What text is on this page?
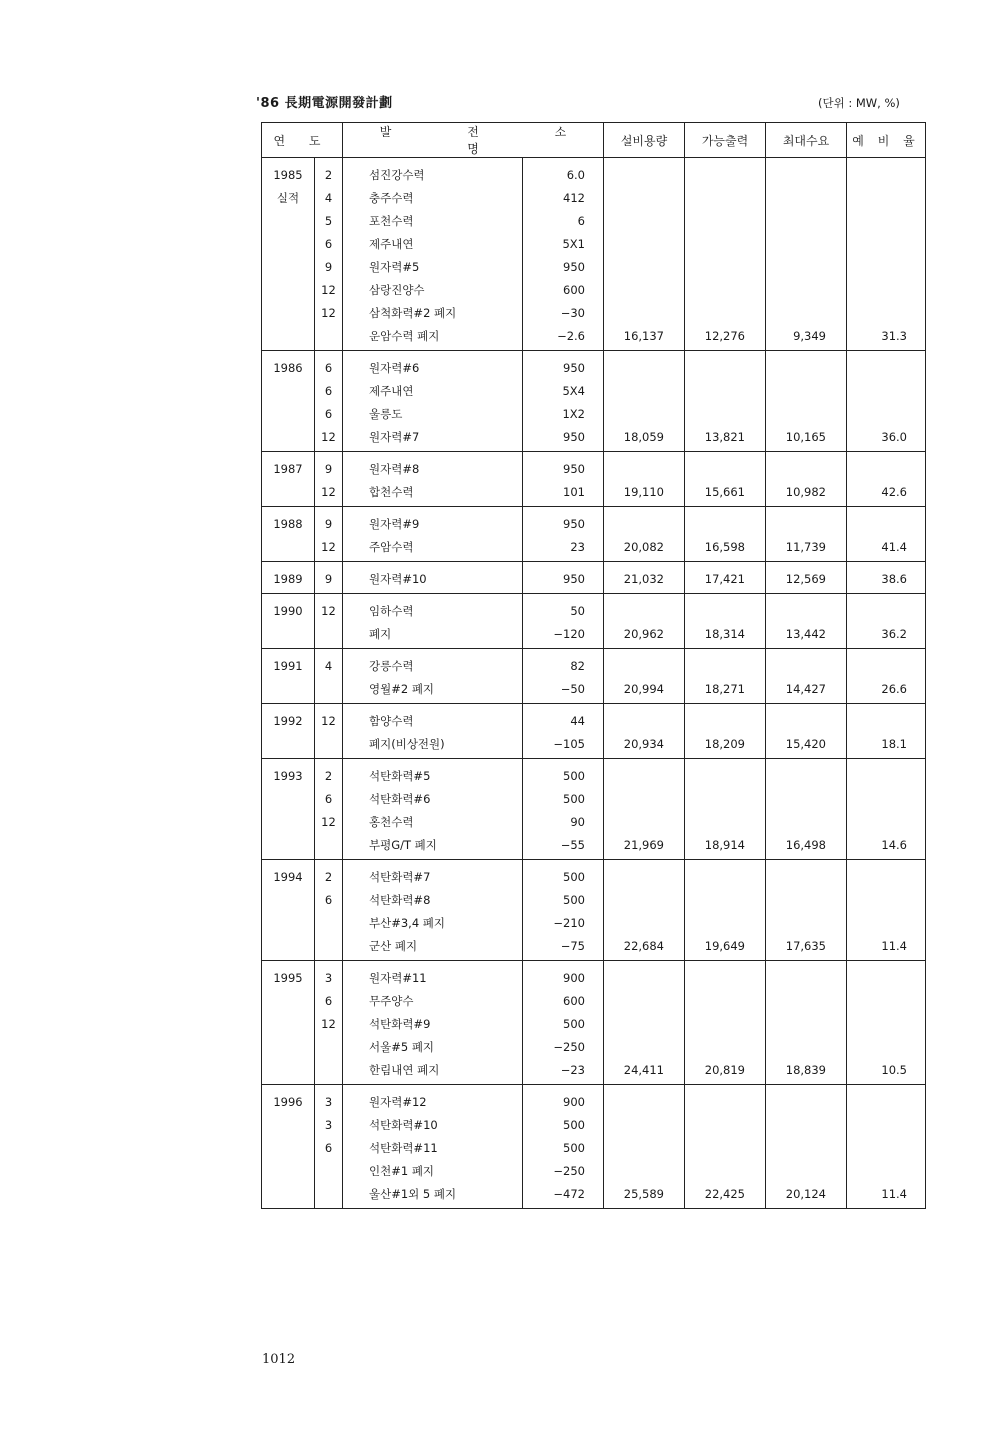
'86 長期電源開發計劃	(단위 : MW, %)
연 도		발 전 소 명		설비용량	가능출력	최대수요	예 비 율
1985	2	섬진강수력	6.0				
실적	4	충주수력	412				
	5	포천수력	6				
	6	제주내연	5X1				
	9	원자력#5	950				
	12	삼랑진양수	600				
	12	삼척화력#2 폐지	−30				
		운암수력 폐지	−2.6	16,137	12,276	9,349	31.3
1986	6	원자력#6	950				
	6	제주내연	5X4				
	6	울릉도	1X2				
	12	원자력#7	950	18,059	13,821	10,165	36.0
1987	9	원자력#8	950				
	12	합천수력	101	19,110	15,661	10,982	42.6
1988	9	원자력#9	950				
	12	주암수력	23	20,082	16,598	11,739	41.4
1989	9	원자력#10	950	21,032	17,421	12,569	38.6
1990	12	임하수력	50				
		폐지	−120	20,962	18,314	13,442	36.2
1991	4	강릉수력	82				
		영월#2 폐지	−50	20,994	18,271	14,427	26.6
1992	12	함양수력	44				
		폐지(비상전원)	−105	20,934	18,209	15,420	18.1
1993	2	석탄화력#5	500				
	6	석탄화력#6	500				
	12	홍천수력	90				
		부평G/T 폐지	−55	21,969	18,914	16,498	14.6
1994	2	석탄화력#7	500				
	6	석탄화력#8	500				
		부산#3,4 폐지	−210				
		군산 폐지	−75	22,684	19,649	17,635	11.4
1995	3	원자력#11	900				
	6	무주양수	600				
	12	석탄화력#9	500				
		서울#5 폐지	−250				
		한림내연 폐지	−23	24,411	20,819	18,839	10.5
1996	3	원자력#12	900				
	3	석탄화력#10	500				
	6	석탄화력#11	500				
		인천#1 폐지	−250				
		울산#1외 5 폐지	−472	25,589	22,425	20,124	11.4
1012
